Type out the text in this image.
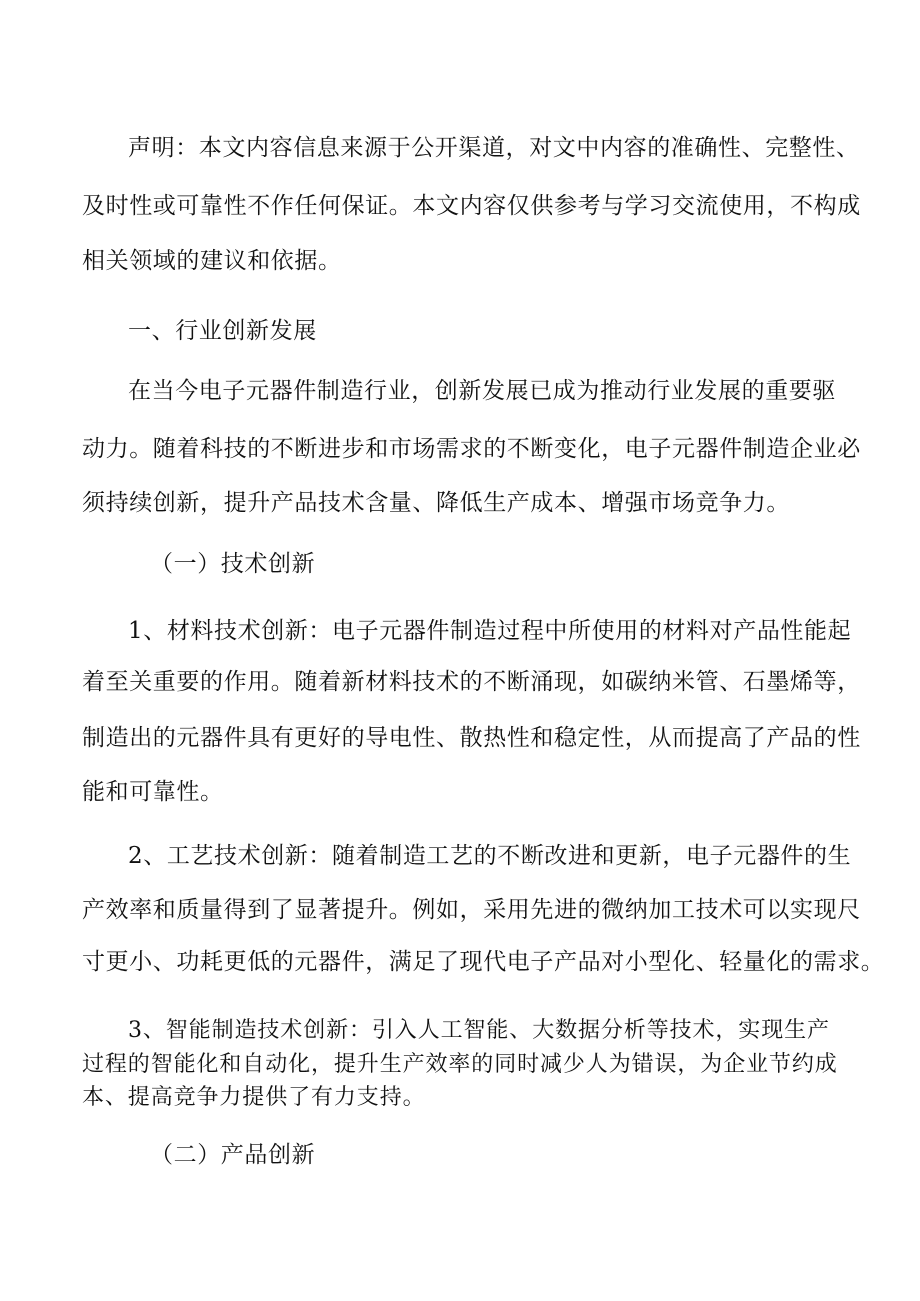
声明：本文内容信息来源于公开渠道，对文中内容的准确性、完整性、
及时性或可靠性不作任何保证。本文内容仅供参考与学习交流使用，不构成
相关领域的建议和依据。
一、行业创新发展
在当今电子元器件制造行业，创新发展已成为推动行业发展的重要驱
动力。随着科技的不断进步和市场需求的不断变化，电子元器件制造企业必
须持续创新，提升产品技术含量、降低生产成本、增强市场竞争力。
（一）技术创新
1、材料技术创新：电子元器件制造过程中所使用的材料对产品性能起
着至关重要的作用。随着新材料技术的不断涌现，如碳纳米管、石墨烯等，
制造出的元器件具有更好的导电性、散热性和稳定性，从而提高了产品的性
能和可靠性。
2、工艺技术创新：随着制造工艺的不断改进和更新，电子元器件的生
产效率和质量得到了显著提升。例如，采用先进的微纳加工技术可以实现尺
寸更小、功耗更低的元器件，满足了现代电子产品对小型化、轻量化的需求。
3、智能制造技术创新：引入人工智能、大数据分析等技术，实现生产
过程的智能化和自动化，提升生产效率的同时减少人为错误，为企业节约成
本、提高竞争力提供了有力支持。
（二）产品创新
